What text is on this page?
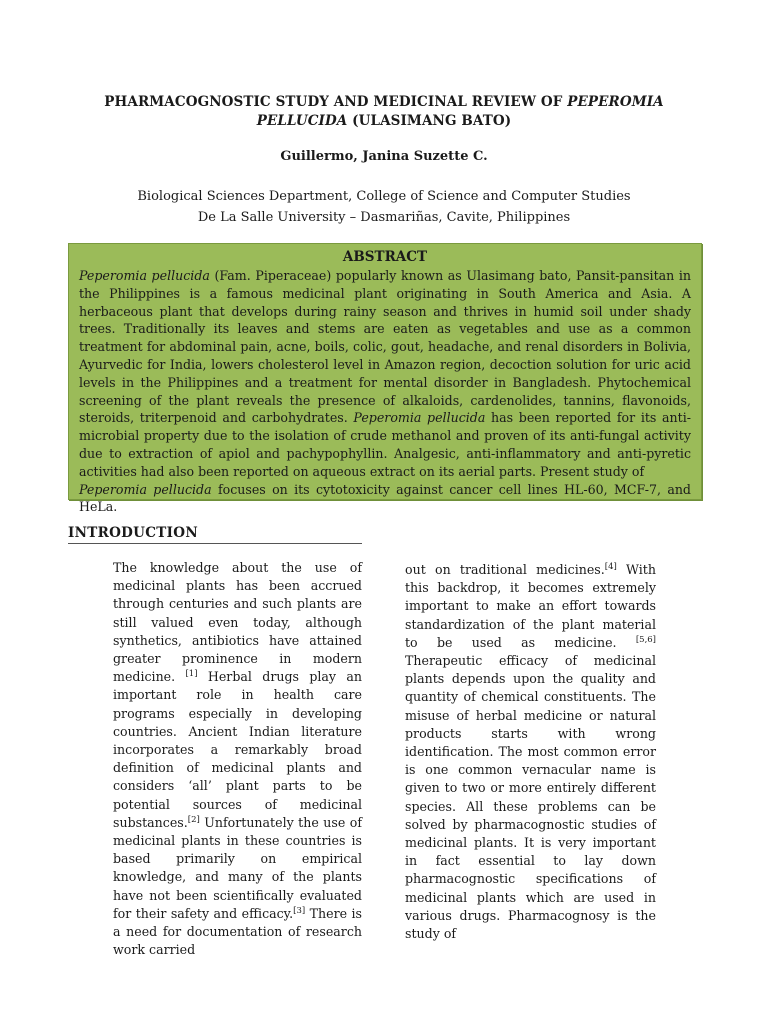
PHARMACOGNOSTIC STUDY AND MEDICINAL REVIEW OF PEPEROMIA
PELLUCIDA (ULASIMANG BATO)
Guillermo, Janina Suzette C.
Biological Sciences Department, College of Science and Computer Studies
De La Salle University – Dasmariñas, Cavite, Philippines
ABSTRACT
Peperomia pellucida (Fam. Piperaceae) popularly known as Ulasimang bato, Pansit-pansitan in the Philippines is a famous medicinal plant originating in South America and Asia. A herbaceous plant that develops during rainy season and thrives in humid soil under shady trees. Traditionally its leaves and stems are eaten as vegetables and use as a common treatment for abdominal pain, acne, boils, colic, gout, headache, and renal disorders in Bolivia, Ayurvedic for India, lowers cholesterol level in Amazon region, decoction solution for uric acid levels in the Philippines and a treatment for mental disorder in Bangladesh. Phytochemical screening of the plant reveals the presence of alkaloids, cardenolides, tannins, flavonoids, steroids, triterpenoid and carbohydrates. Peperomia pellucida has been reported for its anti-microbial property due to the isolation of crude methanol and proven of its anti-fungal activity due to extraction of apiol and pachypophyllin. Analgesic, anti-inflammatory and anti-pyretic activities had also been reported on aqueous extract on its aerial parts. Present study of
Peperomia pellucida focuses on its cytotoxicity against cancer cell lines HL-60, MCF-7, and HeLa.
INTRODUCTION
The knowledge about the use of medicinal plants has been accrued through centuries and such plants are still valued even today, although synthetics, antibiotics have attained greater prominence in modern medicine. [1] Herbal drugs play an important role in health care programs especially in developing countries. Ancient Indian literature incorporates a remarkably broad definition of medicinal plants and considers ‘all’ plant parts to be potential sources of medicinal substances.[2] Unfortunately the use of medicinal plants in these countries is based primarily on empirical knowledge, and many of the plants have not been scientifically evaluated for their safety and efficacy.[3] There is a need for documentation of research work carried
out on traditional medicines.[4] With this backdrop, it becomes extremely important to make an effort towards standardization of the plant material to be used as medicine. [5,6] Therapeutic efficacy of medicinal plants depends upon the quality and quantity of chemical constituents. The misuse of herbal medicine or natural products starts with wrong identification. The most common error is one common vernacular name is given to two or more entirely different species. All these problems can be solved by pharmacognostic studies of medicinal plants. It is very important in fact essential to lay down pharmacognostic specifications of medicinal plants which are used in various drugs. Pharmacognosy is the study of
